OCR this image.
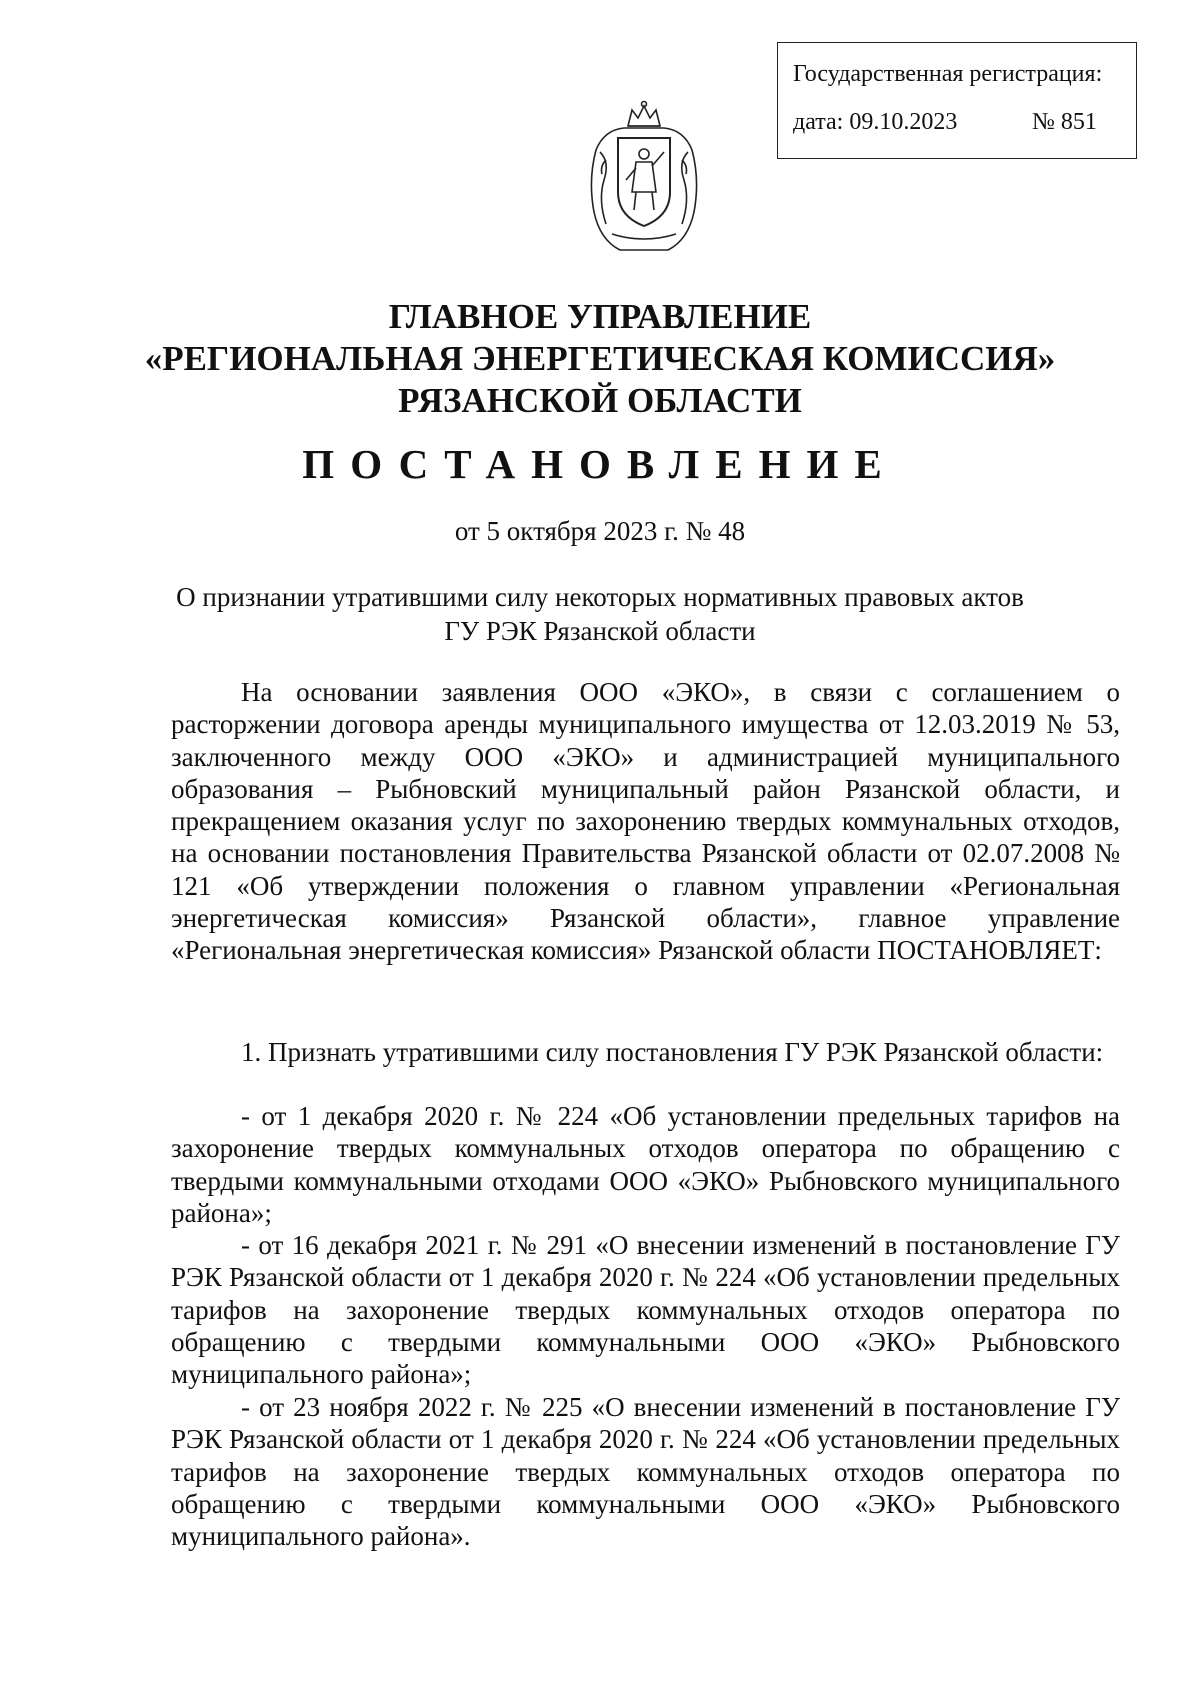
Государственная регистрация:
дата: 09.10.2023	№ 851
ГЛАВНОЕ УПРАВЛЕНИЕ
«РЕГИОНАЛЬНАЯ ЭНЕРГЕТИЧЕСКАЯ КОМИССИЯ»
РЯЗАНСКОЙ ОБЛАСТИ
ПОСТАНОВЛЕНИЕ
от 5 октября 2023 г. № 48
О признании утратившими силу некоторых нормативных правовых актов
ГУ РЭК Рязанской области
На основании заявления ООО «ЭКО», в связи с соглашением о расторжении договора аренды муниципального имущества от 12.03.2019 № 53, заключенного между ООО «ЭКО» и администрацией муниципального образования – Рыбновский муниципальный район Рязанской области, и прекращением оказания услуг по захоронению твердых коммунальных отходов, на основании постановления Правительства Рязанской области от 02.07.2008 № 121 «Об утверждении положения о главном управлении «Региональная энергетическая комиссия» Рязанской области», главное управление «Региональная энергетическая комиссия» Рязанской области ПОСТАНОВЛЯЕТ:
1. Признать утратившими силу постановления ГУ РЭК Рязанской области:
- от 1 декабря 2020 г. № 224 «Об установлении предельных тарифов на захоронение твердых коммунальных отходов оператора по обращению с твердыми коммунальными отходами ООО «ЭКО» Рыбновского муниципального района»;
- от 16 декабря 2021 г. № 291 «О внесении изменений в постановление ГУ РЭК Рязанской области от 1 декабря 2020 г. № 224 «Об установлении предельных тарифов на захоронение твердых коммунальных отходов оператора по обращению с твердыми коммунальными ООО «ЭКО» Рыбновского муниципального района»;
- от 23 ноября 2022 г. № 225 «О внесении изменений в постановление ГУ РЭК Рязанской области от 1 декабря 2020 г. № 224 «Об установлении предельных тарифов на захоронение твердых коммунальных отходов оператора по обращению с твердыми коммунальными ООО «ЭКО» Рыбновского муниципального района».
